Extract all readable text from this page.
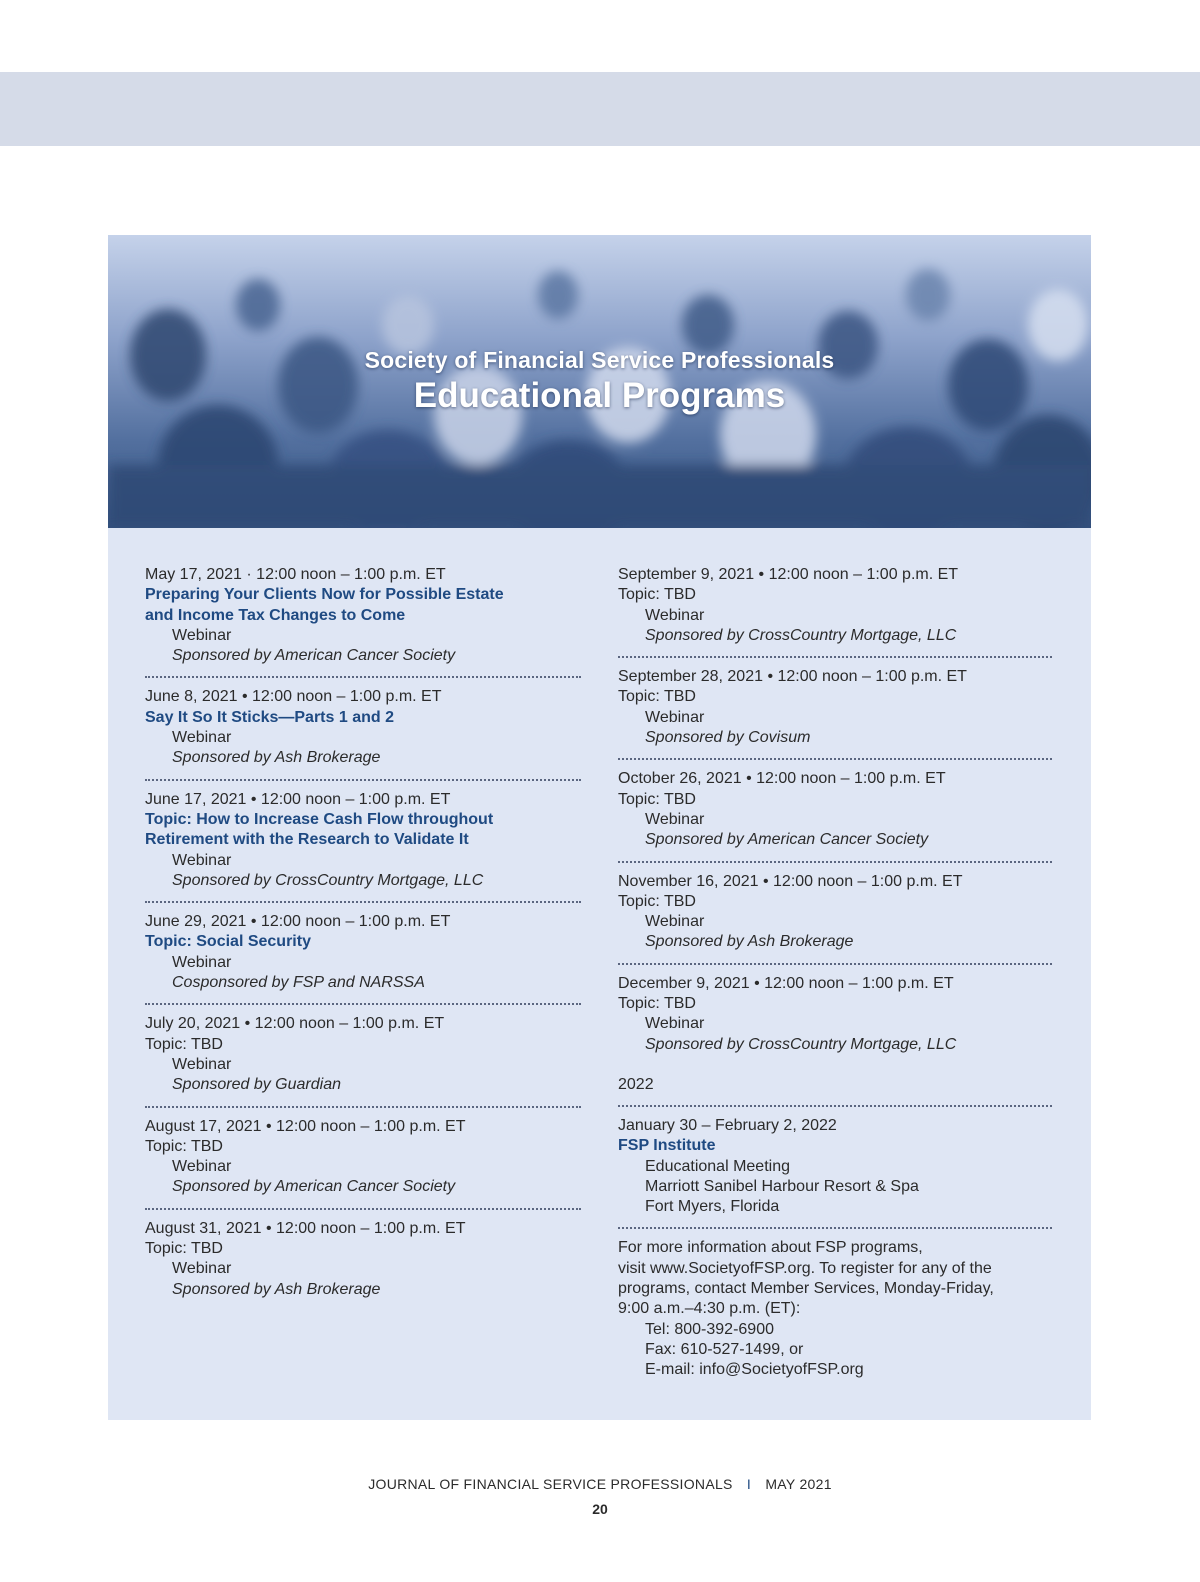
Society of Financial Service Professionals
Educational Programs
May 17, 2021 · 12:00 noon – 1:00 p.m. ET
Preparing Your Clients Now for Possible Estate
and Income Tax Changes to Come
Webinar
Sponsored by American Cancer Society
June 8, 2021 • 12:00 noon – 1:00 p.m. ET
Say It So It Sticks—Parts 1 and 2
Webinar
Sponsored by Ash Brokerage
June 17, 2021 • 12:00 noon – 1:00 p.m. ET
Topic: How to Increase Cash Flow throughout
Retirement with the Research to Validate It
Webinar
Sponsored by CrossCountry Mortgage, LLC
June 29, 2021 • 12:00 noon – 1:00 p.m. ET
Topic: Social Security
Webinar
Cosponsored by FSP and NARSSA
July 20, 2021 • 12:00 noon – 1:00 p.m. ET
Topic: TBD
Webinar
Sponsored by Guardian
August 17, 2021 • 12:00 noon – 1:00 p.m. ET
Topic: TBD
Webinar
Sponsored by American Cancer Society
August 31, 2021 • 12:00 noon – 1:00 p.m. ET
Topic: TBD
Webinar
Sponsored by Ash Brokerage
September 9, 2021 • 12:00 noon – 1:00 p.m. ET
Topic: TBD
Webinar
Sponsored by CrossCountry Mortgage, LLC
September 28, 2021 • 12:00 noon – 1:00 p.m. ET
Topic: TBD
Webinar
Sponsored by Covisum
October 26, 2021 • 12:00 noon – 1:00 p.m. ET
Topic: TBD
Webinar
Sponsored by American Cancer Society
November 16, 2021 • 12:00 noon – 1:00 p.m. ET
Topic: TBD
Webinar
Sponsored by Ash Brokerage
December 9, 2021 • 12:00 noon – 1:00 p.m. ET
Topic: TBD
Webinar
Sponsored by CrossCountry Mortgage, LLC
2022
January 30 – February 2, 2022
FSP Institute
Educational Meeting
Marriott Sanibel Harbour Resort & Spa
Fort Myers, Florida
For more information about FSP programs,
visit www.SocietyofFSP.org. To register for any of the
programs, contact Member Services, Monday-Friday,
9:00 a.m.–4:30 p.m. (ET):
Tel: 800-392-6900
Fax: 610-527-1499, or
E-mail: info@SocietyofFSP.org
JOURNAL OF FINANCIAL SERVICE PROFESSIONALS I MAY 2021
20
